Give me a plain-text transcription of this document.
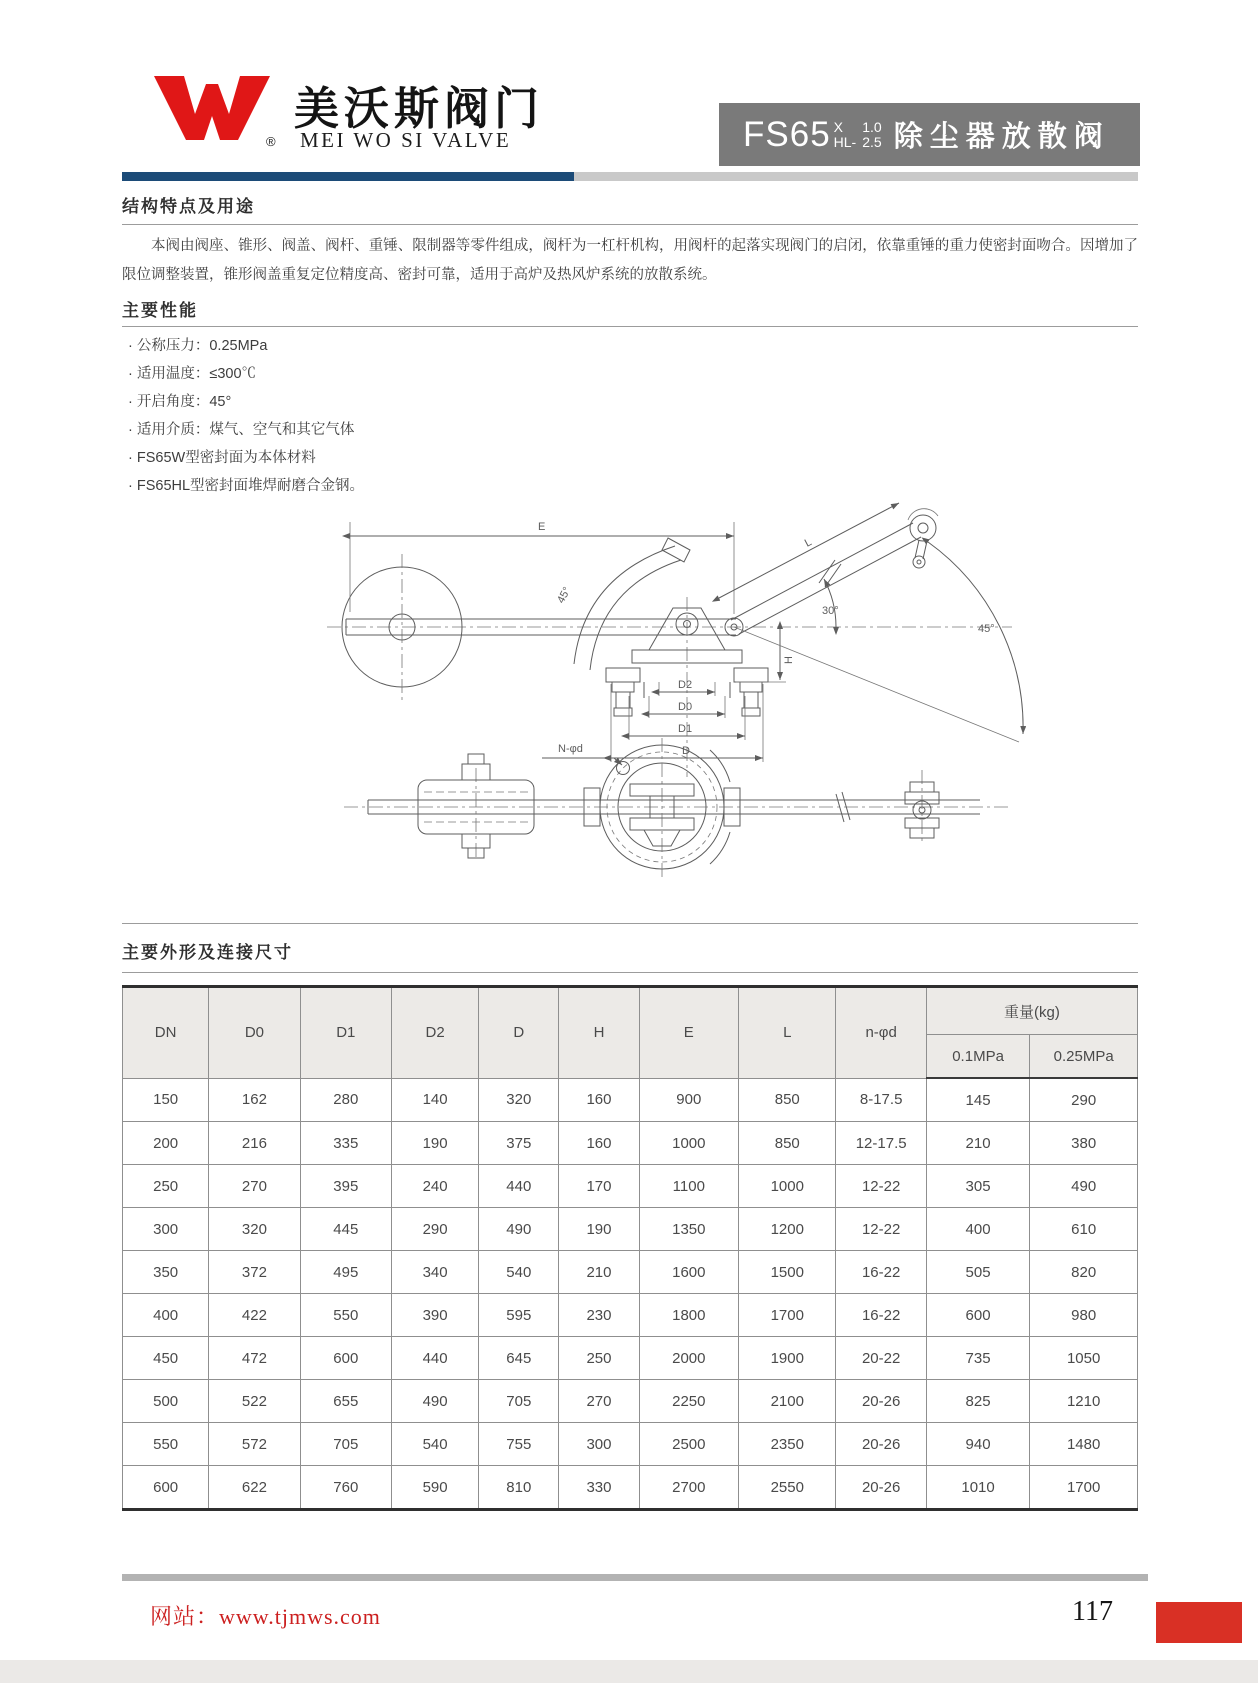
®
美沃斯阀门
MEI WO SI VALVE	FS65 X
HL-
1.0
2.5 除尘器放散阀
结构特点及用途
本阀由阀座、锥形、阀盖、阀杆、重锤、限制器等零件组成，阀杆为一杠杆机构，用阀杆的起落实现阀门的启闭，依靠重锤的重力使密封面吻合。因增加了限位调整装置，锥形阀盖重复定位精度高、密封可靠，适用于高炉及热风炉系统的放散系统。
主要性能
· 公称压力：0.25MPa
· 适用温度：≤300℃
· 开启角度：45°
· 适用介质：煤气、空气和其它气体
· FS65W型密封面为本体材料
· FS65HL型密封面堆焊耐磨合金钢。
E
D2
D0
D1
D
H
45°
L
30°
45°
N-φd
主要外形及连接尺寸
DN	D0	D1	D2	D	H	E	L	n-φd	重量(kg)	
									0.1MPa	0.25MPa
150	162	280	140	320	160	900	850	8-17.5	145	290
200	216	335	190	375	160	1000	850	12-17.5	210	380
250	270	395	240	440	170	1100	1000	12-22	305	490
300	320	445	290	490	190	1350	1200	12-22	400	610
350	372	495	340	540	210	1600	1500	16-22	505	820
400	422	550	390	595	230	1800	1700	16-22	600	980
450	472	600	440	645	250	2000	1900	20-22	735	1050
500	522	655	490	705	270	2250	2100	20-26	825	1210
550	572	705	540	755	300	2500	2350	20-26	940	1480
600	622	760	590	810	330	2700	2550	20-26	1010	1700
网站：www.tjmws.com	117
